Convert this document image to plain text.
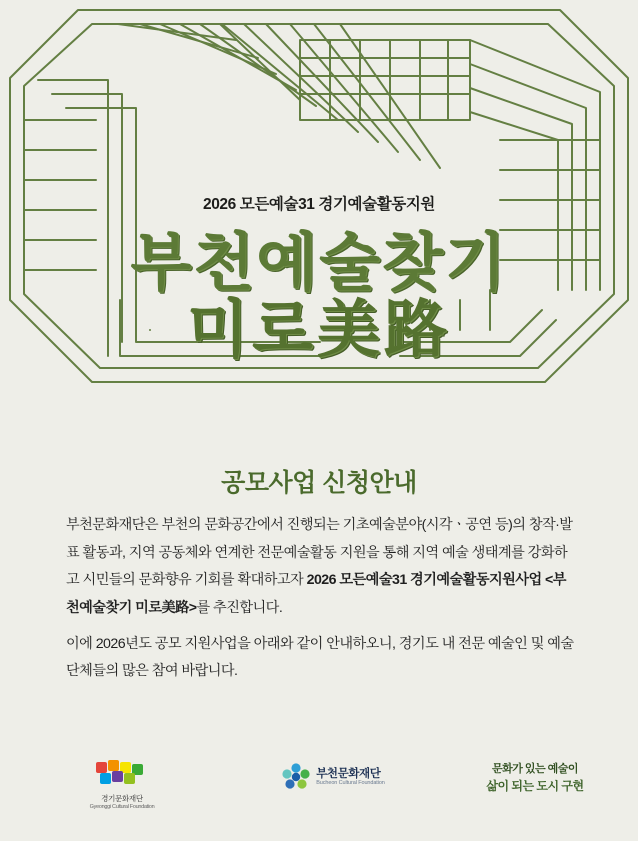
2026 모든예술31 경기예술활동지원
부천예술찾기
미로美路
공모사업 신청안내

부천문화재단은 부천의 문화공간에서 진행되는 기초예술분야(시각ㆍ공연 등)의 창작·발표 활동과, 지역 공동체와 연계한 전문예술활동 지원을 통해 지역 예술 생태계를 강화하고 시민들의 문화향유 기회를 확대하고자 2026 모든예술31 경기예술활동지원사업 <부천예술찾기 미로美路>를 추진합니다.

이에 2026년도 공모 지원사업을 아래와 같이 안내하오니, 경기도 내 전문 예술인 및 예술단체들의 많은 참여 바랍니다.

경기문화재단
Gyeonggi Cultural Foundation
부천문화재단
Bucheon Cultural Foundation
문화가 있는 예술이
삶이 되는 도시 구현
